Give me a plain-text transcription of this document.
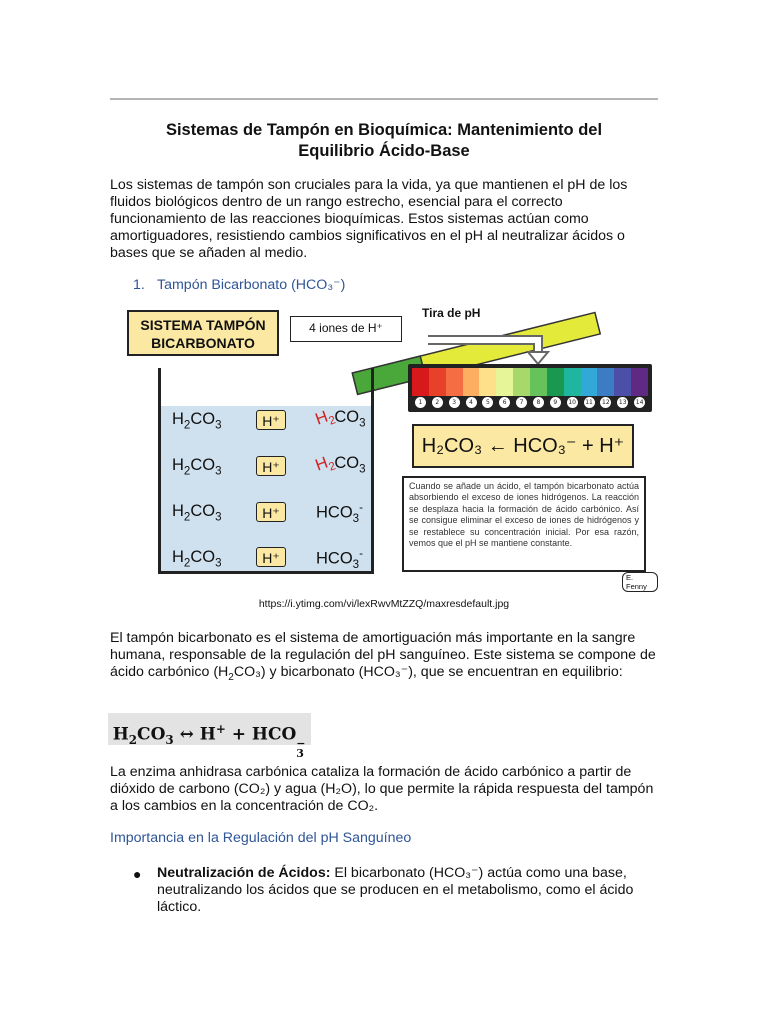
Sistemas de Tampón en Bioquímica: Mantenimiento del
Equilibrio Ácido-Base

Los sistemas de tampón son cruciales para la vida, ya que mantienen el pH de los fluidos biológicos dentro de un rango estrecho, esencial para el correcto funcionamiento de las reacciones bioquímicas. Estos sistemas actúan como amortiguadores, resistiendo cambios significativos en el pH al neutralizar ácidos o bases que se añaden al medio.

1. Tampón Bicarbonato (HCO₃⁻)

SISTEMA TAMPÓN
BICARBONATO
4 iones de H⁺
Tira de pH
1	2	3	4	5	6	7	8	9	10 11 12 13 14
$H_2CO_3$	H⁺	$H_2CO_3$
$H_2CO_3$	H⁺	$H_2CO_3$
$H_2CO_3$	H⁺	$HCO_3^-$
$H_2CO_3$	H⁺	$HCO_3^-$
H₂CO₃ ← HCO₃⁻ + H⁺
Cuando se añade un ácido, el tampón bicarbonato actúa absorbiendo el exceso de iones hidrógenos. La reacción se desplaza hacia la formación de ácido carbónico. Así se consigue eliminar el exceso de iones de hidrógenos y se restablece su concentración inicial. Por esa razón, vemos que el pH se mantiene constante.
E. Fenny
https://i.ytimg.com/vi/lexRwvMtZZQ/maxresdefault.jpg

El tampón bicarbonato es el sistema de amortiguación más importante en la sangre humana, responsable de la regulación del pH sanguíneo. Este sistema se compone de ácido carbónico $(H_2CO_3)$ y bicarbonato (HCO₃⁻), que se encuentran en equilibrio:

$H_2CO_3$ ↔ H+ + HCO −
3

La enzima anhidrasa carbónica cataliza la formación de ácido carbónico a partir de dióxido de carbono (CO₂) y agua (H₂O), lo que permite la rápida respuesta del tampón a los cambios en la concentración de CO₂.

Importancia en la Regulación del pH Sanguíneo

● Neutralización de Ácidos: El bicarbonato (HCO₃⁻) actúa como una base, neutralizando los ácidos que se producen en el metabolismo, como el ácido láctico.
